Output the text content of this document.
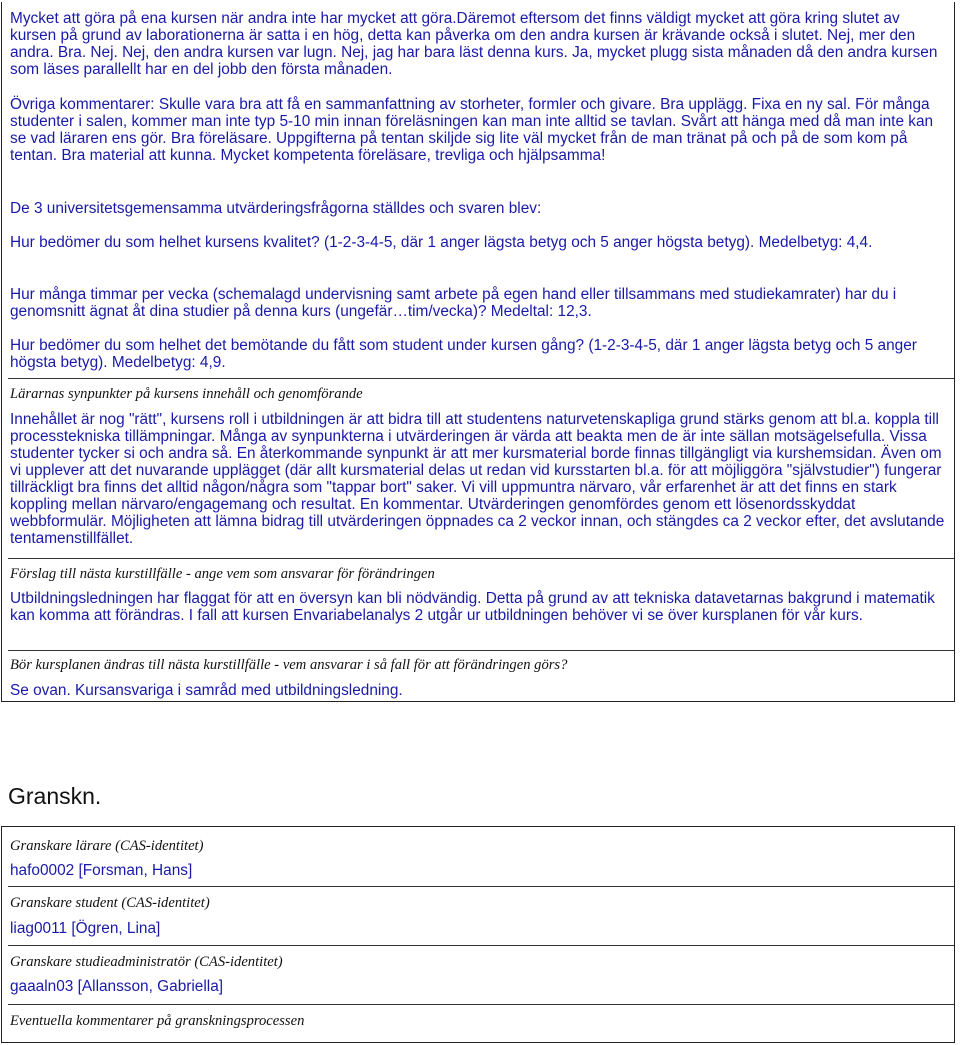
Mycket att göra på ena kursen när andra inte har mycket att göra.Däremot eftersom det finns väldigt mycket att göra kring slutet av kursen på grund av laborationerna är satta i en hög, detta kan påverka om den andra kursen är krävande också i slutet. Nej, mer den andra. Bra. Nej. Nej, den andra kursen var lugn. Nej, jag har bara läst denna kurs. Ja, mycket plugg sista månaden då den andra kursen som läses parallellt har en del jobb den första månaden.

Övriga kommentarer: Skulle vara bra att få en sammanfattning av storheter, formler och givare. Bra upplägg. Fixa en ny sal. För många studenter i salen, kommer man inte typ 5-10 min innan föreläsningen kan man inte alltid se tavlan. Svårt att hänga med då man inte kan se vad läraren ens gör. Bra föreläsare. Uppgifterna på tentan skiljde sig lite väl mycket från de man tränat på och på de som kom på tentan. Bra material att kunna. Mycket kompetenta föreläsare, trevliga och hjälpsamma!

De 3 universitetsgemensamma utvärderingsfrågorna ställdes och svaren blev:

Hur bedömer du som helhet kursens kvalitet? (1-2-3-4-5, där 1 anger lägsta betyg och 5 anger högsta betyg). Medelbetyg: 4,4.

Hur många timmar per vecka (schemalagd undervisning samt arbete på egen hand eller tillsammans med studiekamrater) har du i genomsnitt ägnat åt dina studier på denna kurs (ungefär…tim/vecka)? Medeltal: 12,3.

Hur bedömer du som helhet det bemötande du fått som student under kursen gång? (1-2-3-4-5, där 1 anger lägsta betyg och 5 anger högsta betyg). Medelbetyg: 4,9.

Lärarnas synpunkter på kursens innehåll och genomförande

Innehållet är nog "rätt", kursens roll i utbildningen är att bidra till att studentens naturvetenskapliga grund stärks genom att bl.a. koppla till processtekniska tillämpningar. Många av synpunkterna i utvärderingen är värda att beakta men de är inte sällan motsägelsefulla. Vissa studenter tycker si och andra så. En återkommande synpunkt är att mer kursmaterial borde finnas tillgängligt via kurshemsidan. Även om vi upplever att det nuvarande upplägget (där allt kursmaterial delas ut redan vid kursstarten bl.a. för att möjliggöra "självstudier") fungerar tillräckligt bra finns det alltid någon/några som "tappar bort" saker. Vi vill uppmuntra närvaro, vår erfarenhet är att det finns en stark koppling mellan närvaro/engagemang och resultat. En kommentar. Utvärderingen genomfördes genom ett lösenordsskyddat webbformulär. Möjligheten att lämna bidrag till utvärderingen öppnades ca 2 veckor innan, och stängdes ca 2 veckor efter, det avslutande tentamenstillfället.

Förslag till nästa kurstillfälle - ange vem som ansvarar för förändringen

Utbildningsledningen har flaggat för att en översyn kan bli nödvändig. Detta på grund av att tekniska datavetarnas bakgrund i matematik kan komma att förändras. I fall att kursen Envariabelanalys 2 utgår ur utbildningen behöver vi se över kursplanen för vår kurs.

Bör kursplanen ändras till nästa kurstillfälle - vem ansvarar i så fall för att förändringen görs?

Se ovan. Kursansvariga i samråd med utbildningsledning.

Granskn.

Granskare lärare (CAS-identitet)

hafo0002 [Forsman, Hans]

Granskare student (CAS-identitet)

liag0011 [Ögren, Lina]

Granskare studieadministratör (CAS-identitet)

gaaaln03 [Allansson, Gabriella]

Eventuella kommentarer på granskningsprocessen
